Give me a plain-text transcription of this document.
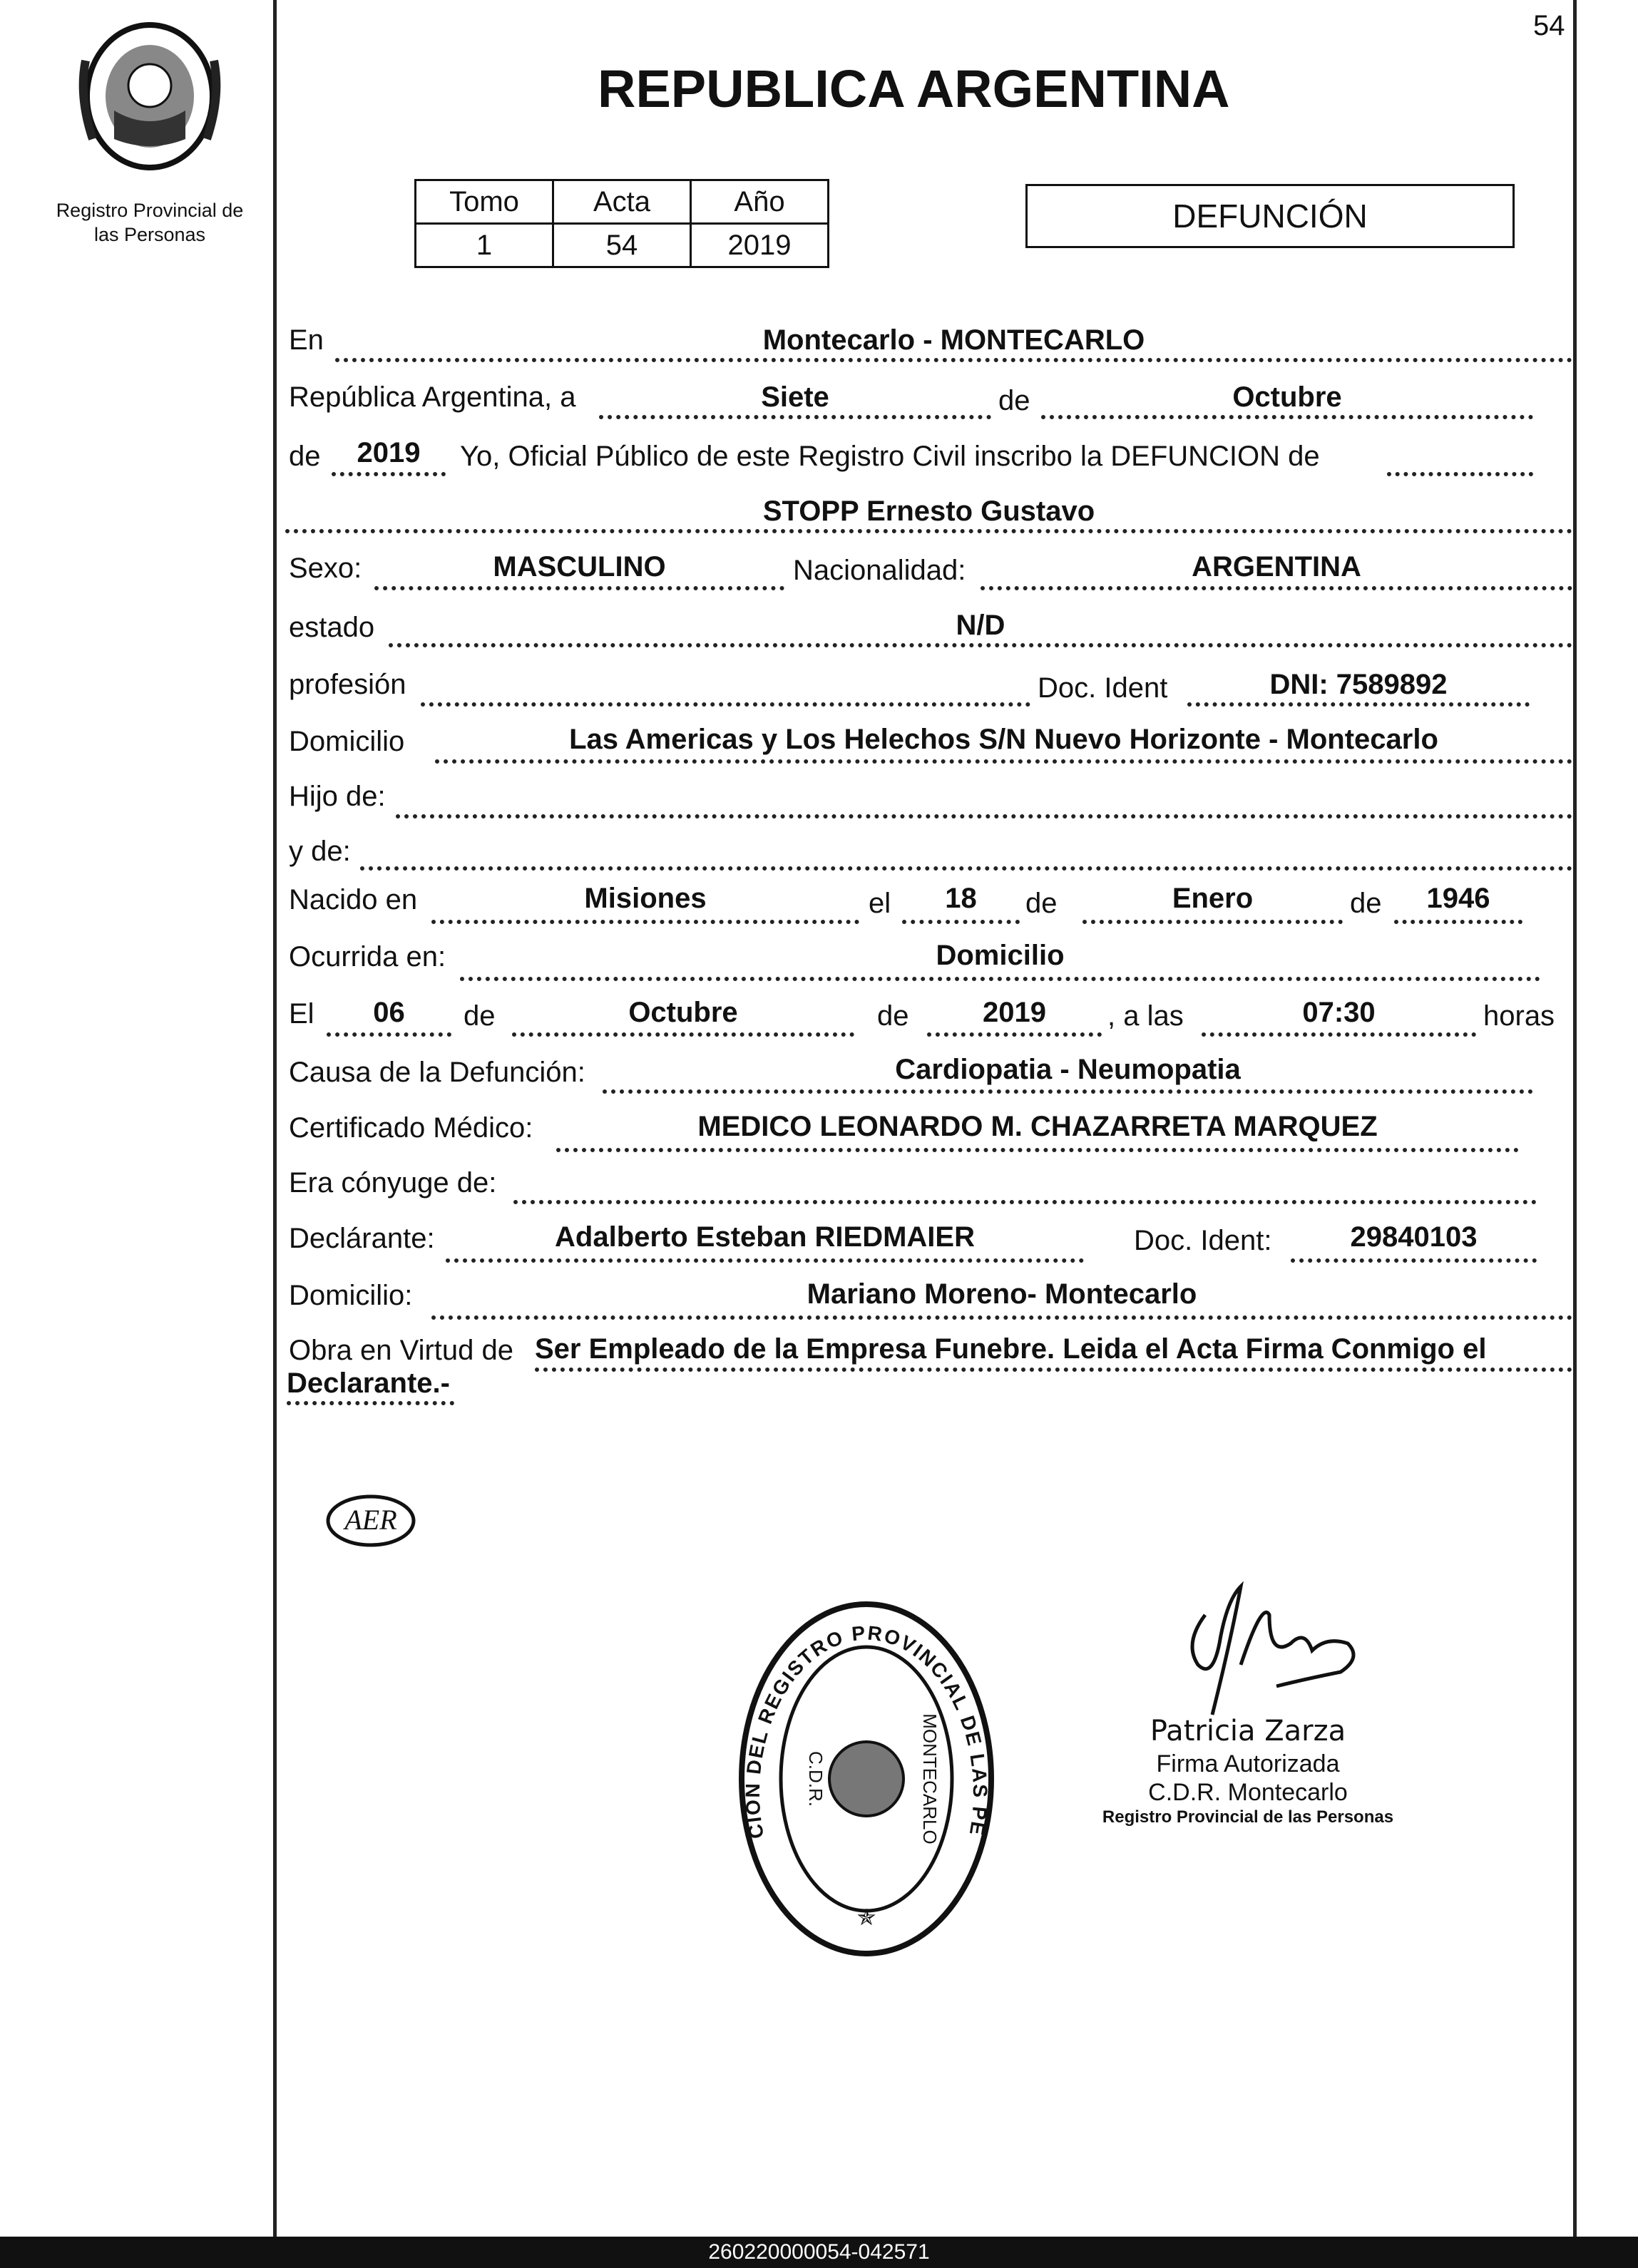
54
Registro Provincial de
las Personas
REPUBLICA ARGENTINA
Tomo	Acta	Año
1	54	2019
DEFUNCIÓN
En	Montecarlo - MONTECARLO
República Argentina, a	Siete	de	Octubre
de	2019	Yo, Oficial Público de este Registro Civil inscribo la DEFUNCION de
STOPP Ernesto Gustavo
Sexo:	MASCULINO	Nacionalidad:	ARGENTINA
estado	N/D
profesión	Doc. Ident	DNI: 7589892
Domicilio	Las Americas y Los Helechos S/N Nuevo Horizonte - Montecarlo
Hijo de:
y de:
Nacido en	Misiones	el	18	de	Enero	de	1946
Ocurrida en:	Domicilio
El	06	de	Octubre	de	2019	, a las	07:30	horas
Causa de la Defunción:	Cardiopatia - Neumopatia
Certificado Médico:	MEDICO LEONARDO M. CHAZARRETA MARQUEZ
Era cónyuge de:
Declárante:	Adalberto Esteban RIEDMAIER	Doc. Ident:	29840103
Domicilio:	Mariano Moreno- Montecarlo
Obra en Virtud de Ser Empleado de la Empresa Funebre. Leida el Acta Firma Conmigo el
Declarante.-
AER
CION DEL REGISTRO PROVINCIAL DE LAS PE
C.D.R.	MONTECARLO
✯
Patricia Zarza
Firma Autorizada
C.D.R. Montecarlo
Registro Provincial de las Personas
260220000054-042571
